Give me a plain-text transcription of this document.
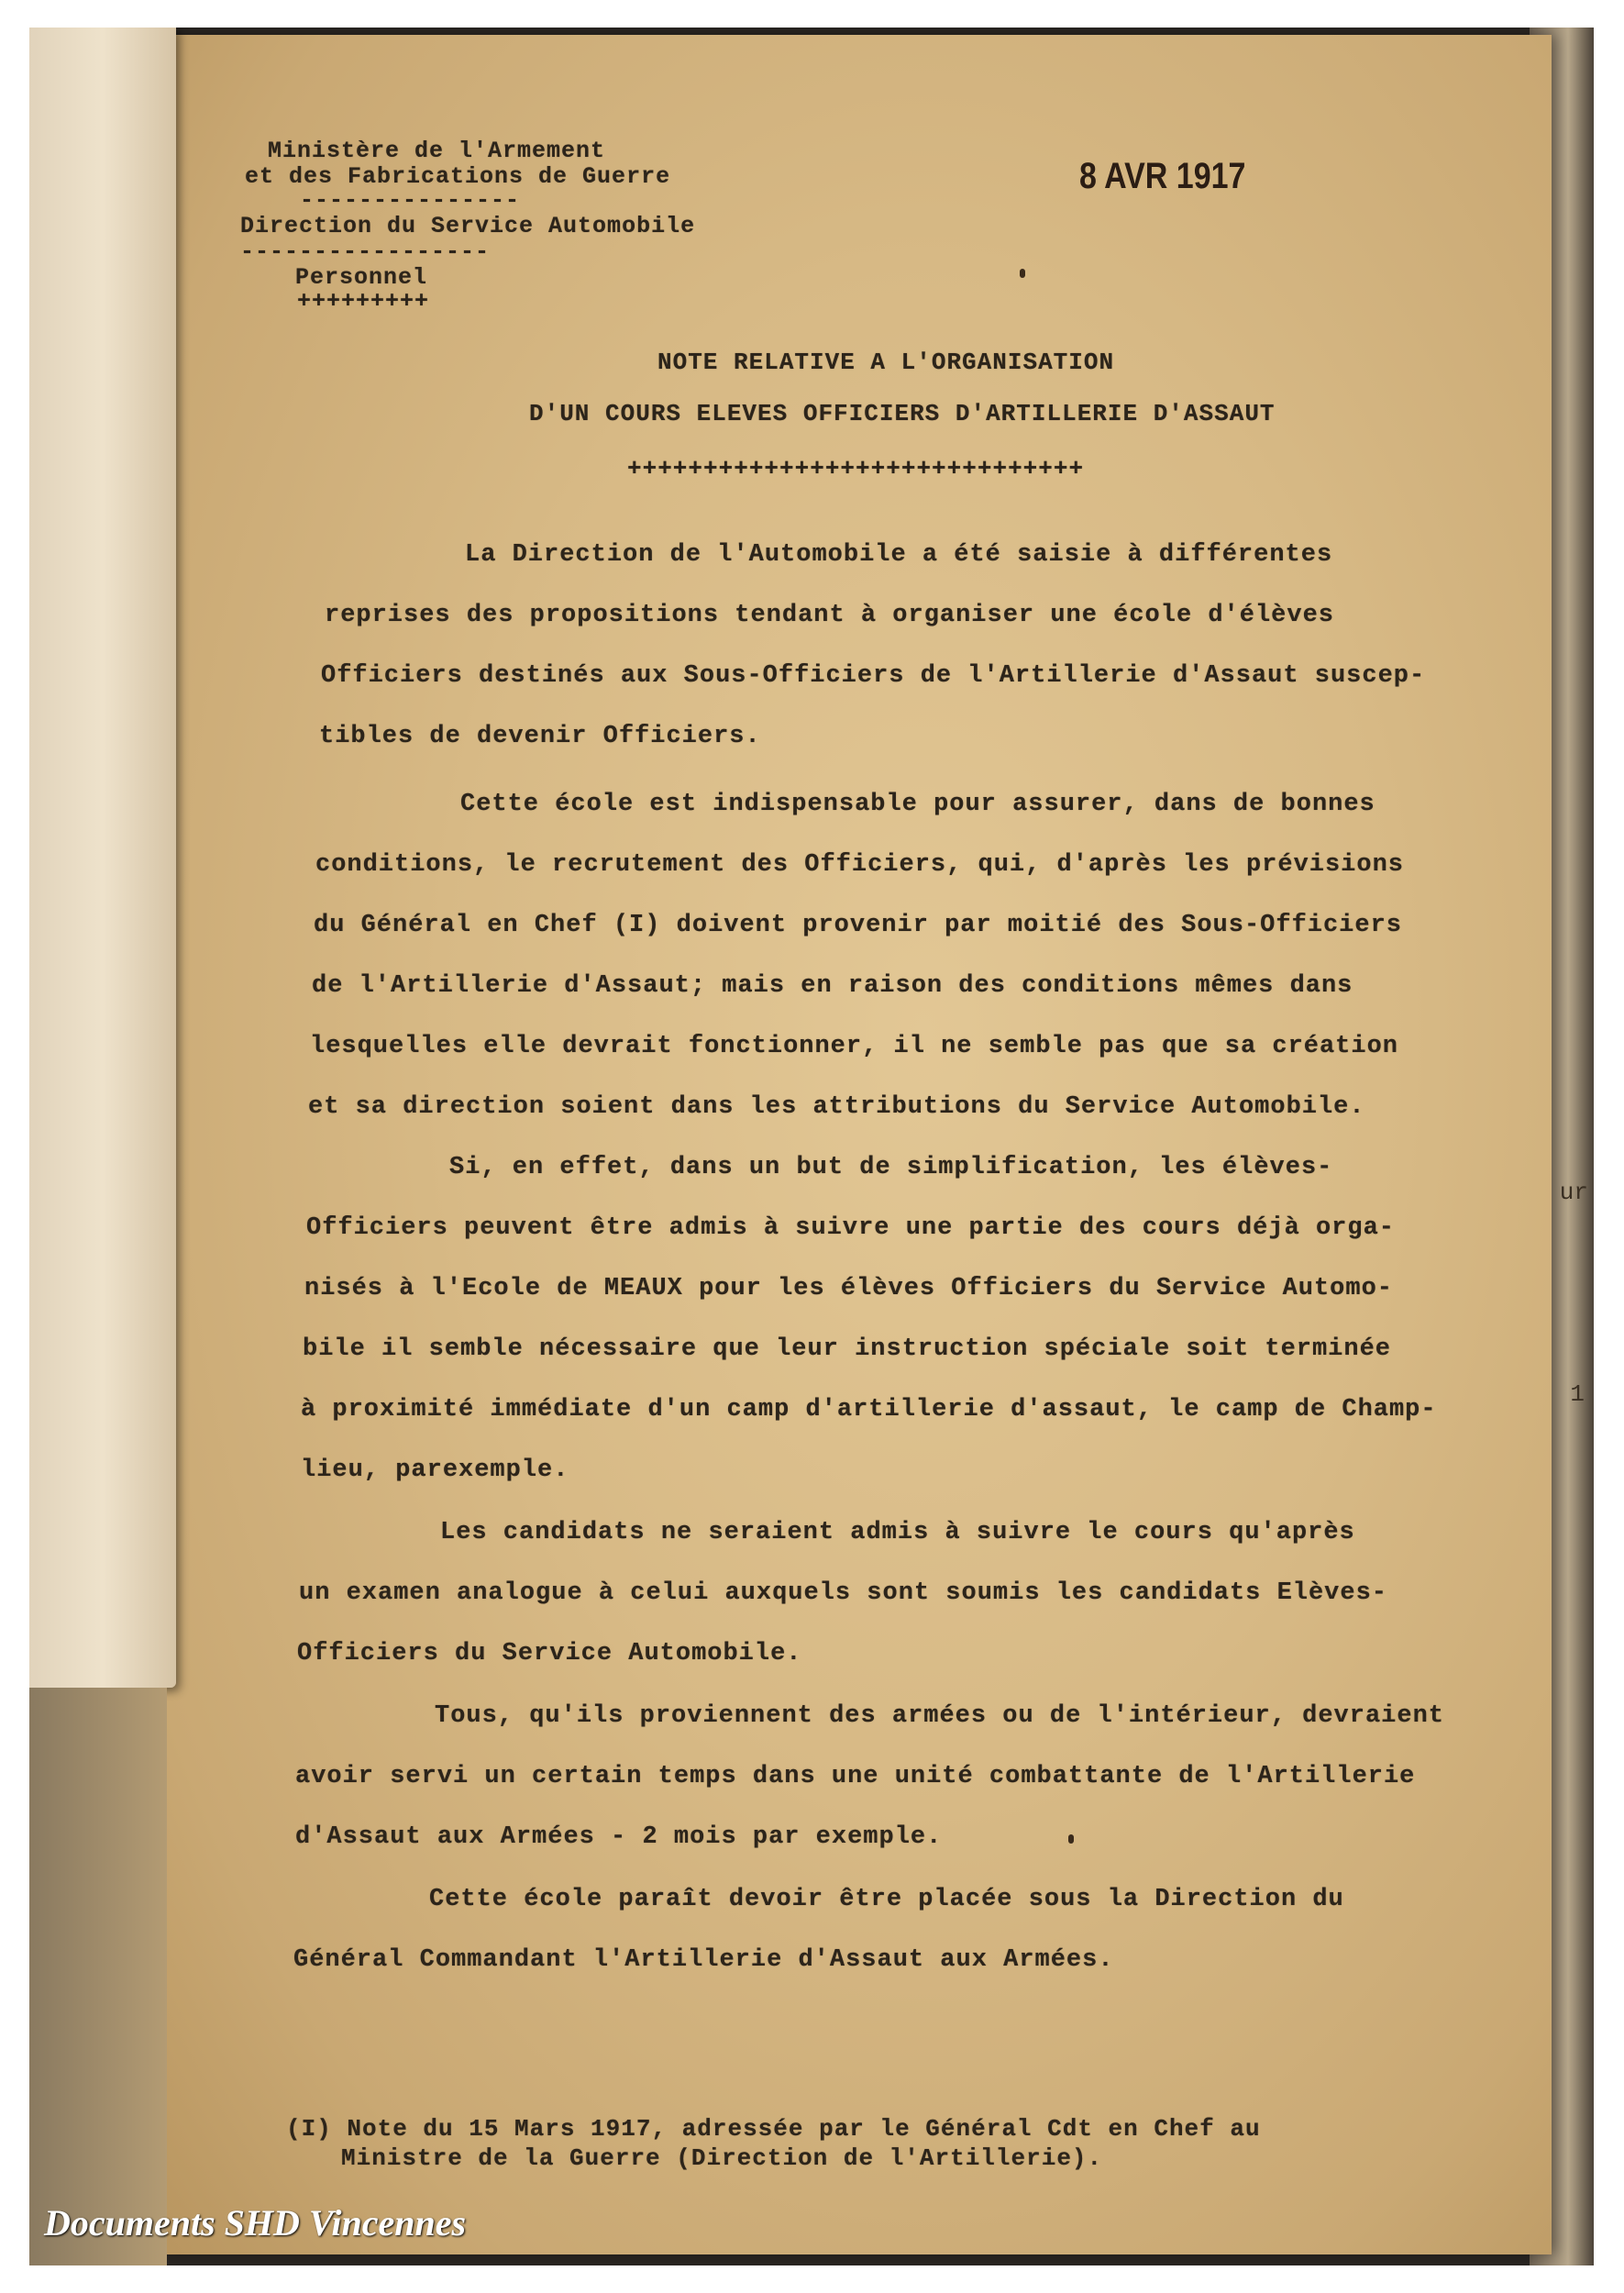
ur
1
Ministère de l'Armement
et des Fabrications de Guerre
---------------
Direction du Service Automobile
-----------------
Personnel
+++++++++
8 AVR 1917
NOTE RELATIVE A L'ORGANISATION
D'UN COURS ELEVES OFFICIERS D'ARTILLERIE D'ASSAUT
++++++++++++++++++++++++++++++
La Direction de l'Automobile a été saisie à différentes
reprises des propositions tendant à organiser une école d'élèves
Officiers destinés aux Sous-Officiers de l'Artillerie d'Assaut suscep-
tibles de devenir Officiers.
Cette école est indispensable pour assurer, dans de bonnes
conditions, le recrutement des Officiers, qui, d'après les prévisions
du Général en Chef (I) doivent provenir par moitié des Sous-Officiers
de l'Artillerie d'Assaut; mais en raison des conditions mêmes dans
lesquelles elle devrait fonctionner, il ne semble pas que sa création
et sa direction soient dans les attributions du Service Automobile.
Si, en effet, dans un but de simplification, les élèves-
Officiers peuvent être admis à suivre une partie des cours déjà orga-
nisés à l'Ecole de MEAUX pour les élèves Officiers du Service Automo-
bile il semble nécessaire que leur instruction spéciale soit terminée
à proximité immédiate d'un camp d'artillerie d'assaut, le camp de Champ-
lieu, parexemple.
Les candidats ne seraient admis à suivre le cours qu'après
un examen analogue à celui auxquels sont soumis les candidats Elèves-
Officiers du Service Automobile.
Tous, qu'ils proviennent des armées ou de l'intérieur, devraient
avoir servi un certain temps dans une unité combattante de l'Artillerie
d'Assaut aux Armées - 2 mois par exemple.
Cette école paraît devoir être placée sous la Direction du
Général Commandant l'Artillerie d'Assaut aux Armées.
(I) Note du 15 Mars 1917, adressée par le Général Cdt en Chef au
Ministre de la Guerre (Direction de l'Artillerie).
Documents SHD Vincennes
